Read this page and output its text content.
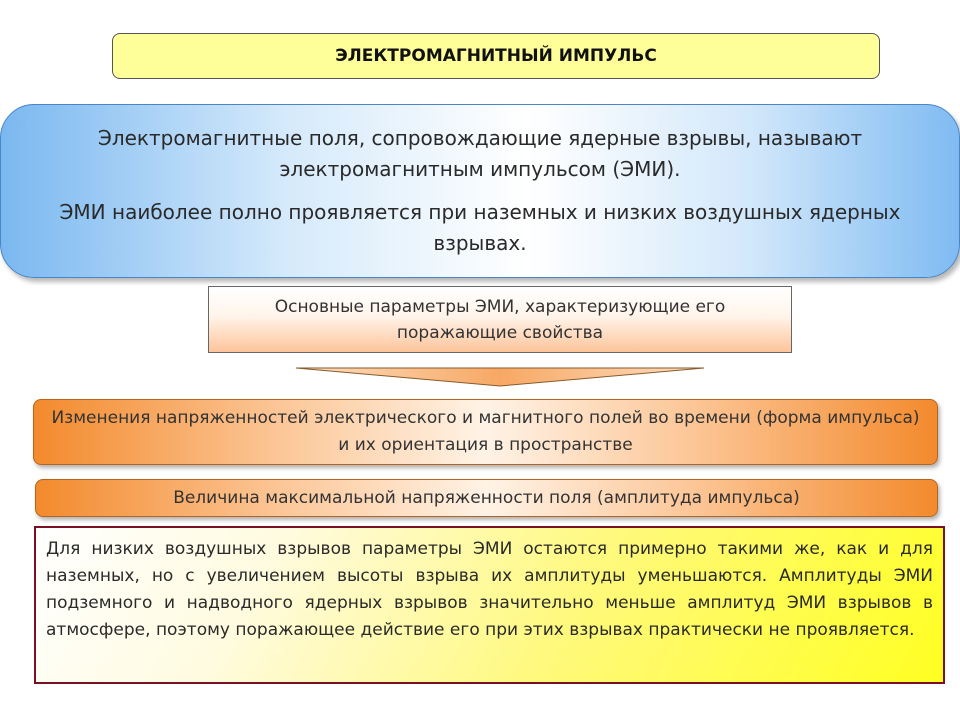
ЭЛЕКТРОМАГНИТНЫЙ ИМПУЛЬС

Электромагнитные поля, сопровождающие ядерные взрывы, называют электромагнитным импульсом (ЭМИ).

ЭМИ наиболее полно проявляется при наземных и низких воздушных ядерных взрывах.

Основные параметры ЭМИ, характеризующие его поражающие свойства
Изменения напряженностей электрического и магнитного полей во времени (форма импульса) и их ориентация в пространстве
Величина максимальной напряженности поля (амплитуда импульса)
Для низких воздушных взрывов параметры ЭМИ остаются примерно такими же, как и для наземных, но с увеличением высоты взрыва их амплитуды уменьшаются. Амплитуды ЭМИ подземного и надводного ядерных взрывов значительно меньше амплитуд ЭМИ взрывов в атмосфере, поэтому поражающее действие его при этих взрывах практически не проявляется.
